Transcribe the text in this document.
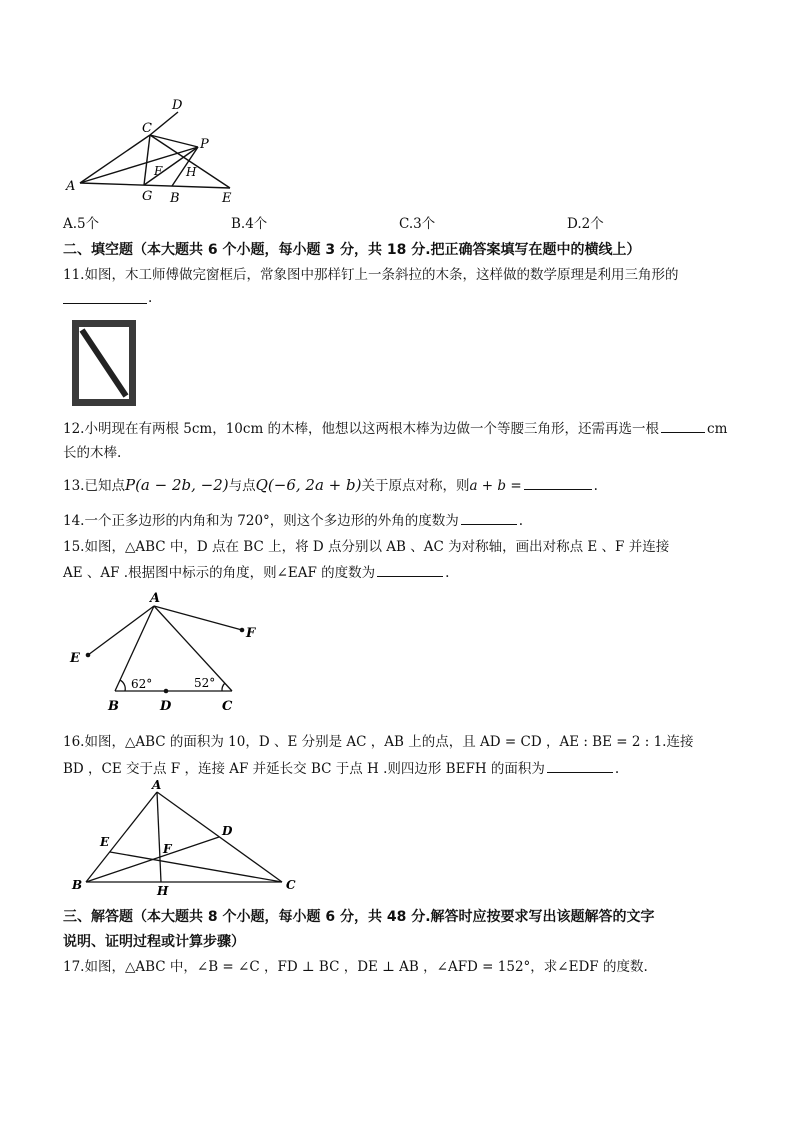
D
C
P
F H
A
G B	E
A.5个	B.4个	C.3个	D.2个
二、填空题（本大题共 6 个小题，每小题 3 分，共 18 分.把正确答案填写在题中的横线上）
11.如图，木工师傅做完窗框后，常象图中那样钉上一条斜拉的木条，这样做的数学原理是利用三角形的
.
12.小明现在有两根 5cm，10cm 的木棒，他想以这两根木棒为边做一个等腰三角形，还需再选一根	cm
长的木棒.
13.已知点P(a − 2b, −2)与点Q(−6, 2a + b)关于原点对称，则a + b =	.
14.一个正多边形的内角和为 720°，则这个多边形的外角的度数为	.
15.如图，△ABC 中，D 点在 BC 上，将 D 点分别以 AB 、AC 为对称轴，画出对称点 E 、F 并连接
AE 、AF .根据图中标示的角度，则∠EAF 的度数为	.
A
E
F
B	D	C
62°	52°
16.如图，△ABC 的面积为 10，D 、E 分别是 AC ，AB 上的点，且 AD = CD ，AE : BE = 2 : 1.连接
BD ，CE 交于点 F ，连接 AF 并延长交 BC 于点 H .则四边形 BEFH 的面积为	.
A
E
D
F
B	H	C
三、解答题（本大题共 8 个小题，每小题 6 分，共 48 分.解答时应按要求写出该题解答的文字
说明、证明过程或计算步骤）
17.如图，△ABC 中，∠B = ∠C ，FD ⊥ BC ，DE ⊥ AB ，∠AFD = 152°，求∠EDF 的度数.
